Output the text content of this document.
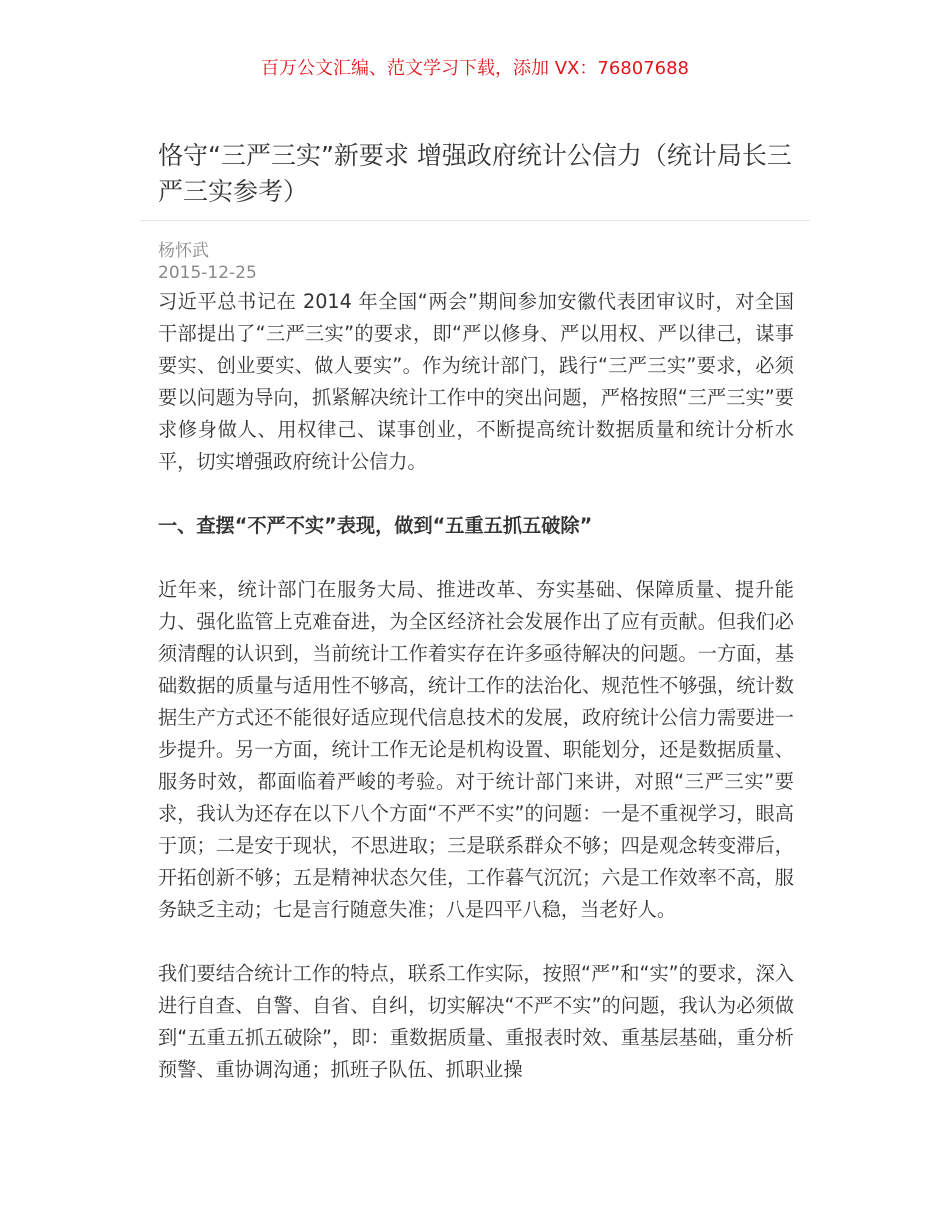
百万公文汇编、范文学习下载，添加 VX：76807688
恪守“三严三实”新要求 增强政府统计公信力（统计局长三严三实参考）
杨怀武
2015-12-25

习近平总书记在 2014 年全国“两会”期间参加安徽代表团审议时，对全国干部提出了“三严三实”的要求，即“严以修身、严以用权、严以律己，谋事要实、创业要实、做人要实”。作为统计部门，践行“三严三实”要求，必须要以问题为导向，抓紧解决统计工作中的突出问题，严格按照“三严三实”要求修身做人、用权律己、谋事创业，不断提高统计数据质量和统计分析水平，切实增强政府统计公信力。

一、查摆“不严不实”表现，做到“五重五抓五破除”

近年来，统计部门在服务大局、推进改革、夯实基础、保障质量、提升能力、强化监管上克难奋进，为全区经济社会发展作出了应有贡献。但我们必须清醒的认识到，当前统计工作着实存在许多亟待解决的问题。一方面，基础数据的质量与适用性不够高，统计工作的法治化、规范性不够强，统计数据生产方式还不能很好适应现代信息技术的发展，政府统计公信力需要进一步提升。另一方面，统计工作无论是机构设置、职能划分，还是数据质量、服务时效，都面临着严峻的考验。对于统计部门来讲，对照“三严三实”要求，我认为还存在以下八个方面“不严不实”的问题：一是不重视学习，眼高于顶；二是安于现状，不思进取；三是联系群众不够；四是观念转变滞后，开拓创新不够；五是精神状态欠佳，工作暮气沉沉；六是工作效率不高，服务缺乏主动；七是言行随意失准；八是四平八稳，当老好人。

我们要结合统计工作的特点，联系工作实际，按照“严”和“实”的要求，深入进行自查、自警、自省、自纠，切实解决“不严不实”的问题，我认为必须做到“五重五抓五破除”，即：重数据质量、重报表时效、重基层基础，重分析预警、重协调沟通；抓班子队伍、抓职业操
